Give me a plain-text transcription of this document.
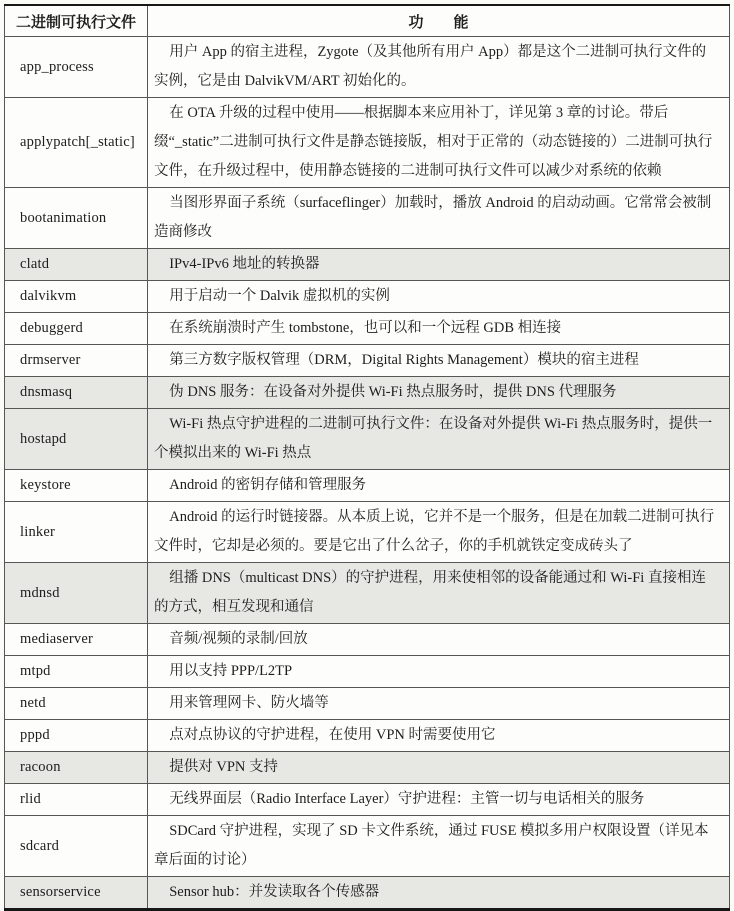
二进制可执行文件	功　　能
app_process	用户 App 的宿主进程，Zygote（及其他所有用户 App）都是这个二进制可执行文件的实例，它是由 DalvikVM/ART 初始化的。
applypatch[_static]	在 OTA 升级的过程中使用——根据脚本来应用补丁，详见第 3 章的讨论。带后缀“_static”二进制可执行文件是静态链接版，相对于正常的（动态链接的）二进制可执行文件，在升级过程中，使用静态链接的二进制可执行文件可以减少对系统的依赖
bootanimation	当图形界面子系统（surfaceflinger）加载时，播放 Android 的启动动画。它常常会被制造商修改
clatd	IPv4-IPv6 地址的转换器
dalvikvm	用于启动一个 Dalvik 虚拟机的实例
debuggerd	在系统崩溃时产生 tombstone，也可以和一个远程 GDB 相连接
drmserver	第三方数字版权管理（DRM，Digital Rights Management）模块的宿主进程
dnsmasq	伪 DNS 服务：在设备对外提供 Wi-Fi 热点服务时，提供 DNS 代理服务
hostapd	Wi-Fi 热点守护进程的二进制可执行文件：在设备对外提供 Wi-Fi 热点服务时，提供一个模拟出来的 Wi-Fi 热点
keystore	Android 的密钥存储和管理服务
linker	Android 的运行时链接器。从本质上说，它并不是一个服务，但是在加载二进制可执行文件时，它却是必须的。要是它出了什么岔子，你的手机就铁定变成砖头了
mdnsd	组播 DNS（multicast DNS）的守护进程，用来使相邻的设备能通过和 Wi-Fi 直接相连的方式，相互发现和通信
mediaserver	音频/视频的录制/回放
mtpd	用以支持 PPP/L2TP
netd	用来管理网卡、防火墙等
pppd	点对点协议的守护进程，在使用 VPN 时需要使用它
racoon	提供对 VPN 支持
rlid	无线界面层（Radio Interface Layer）守护进程：主管一切与电话相关的服务
sdcard	SDCard 守护进程，实现了 SD 卡文件系统，通过 FUSE 模拟多用户权限设置（详见本章后面的讨论）
sensorservice	Sensor hub：并发读取各个传感器
